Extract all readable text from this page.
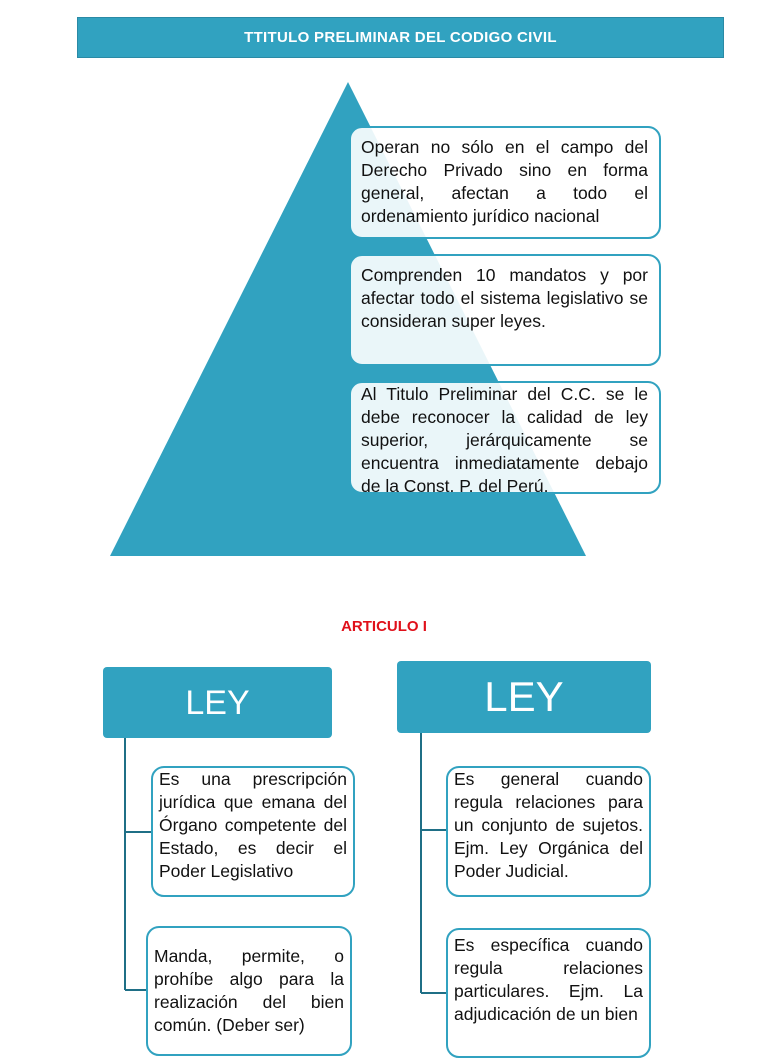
TTITULO PRELIMINAR DEL CODIGO CIVIL
Operan no sólo en el campo del Derecho Privado sino en forma general, afectan a todo el ordenamiento jurídico nacional
Comprenden 10 mandatos y por afectar todo el sistema legislativo se consideran super leyes.
Al Titulo Preliminar del C.C. se le debe reconocer la calidad de ley superior, jerárquicamente se encuentra inmediatamente debajo de la Const. P. del Perú.
ARTICULO I
LEY	LEY
Es una prescripción jurídica que emana del Órgano competente del Estado, es decir el Poder Legislativo
Manda, permite, o prohíbe algo para la realización del bien común. (Deber ser)
Es general cuando regula relaciones para un conjunto de sujetos. Ejm. Ley Orgánica del Poder Judicial.
Es específica cuando regula relaciones particulares. Ejm. La adjudicación de un bien
